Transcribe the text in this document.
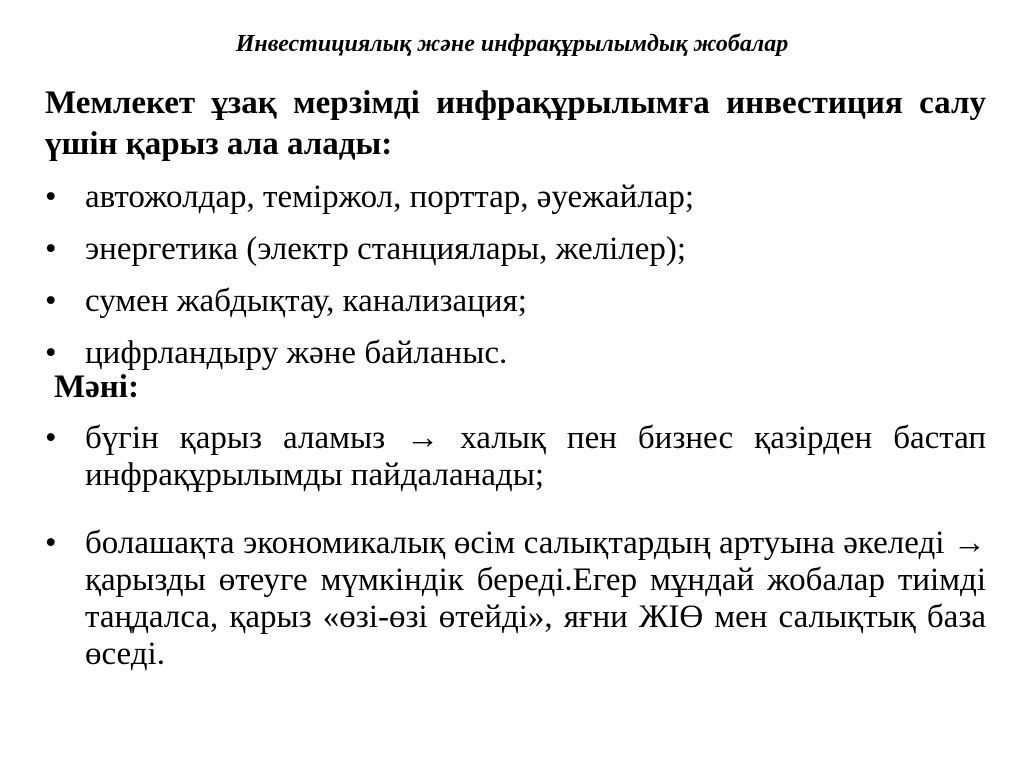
Инвестициялық және инфрақұрылымдық жобалар

Мемлекет ұзақ мерзімді инфрақұрылымға инвестиция салу үшін қарыз ала алады:

• автожолдар, теміржол, порттар, әуежайлар;
• энергетика (электр станциялары, желілер);
• сумен жабдықтау, канализация;
• цифрландыру және байланыс.
Мәні:
• бүгін қарыз аламыз → халық пен бизнес қазірден бастап инфрақұрылымды пайдаланады;
• болашақта экономикалық өсім салықтардың артуына әкеледі → қарызды өтеуге мүмкіндік береді.Егер мұндай жобалар тиімді таңдалса, қарыз «өзі-өзі өтейді», яғни ЖІӨ мен салықтық база өседі.
